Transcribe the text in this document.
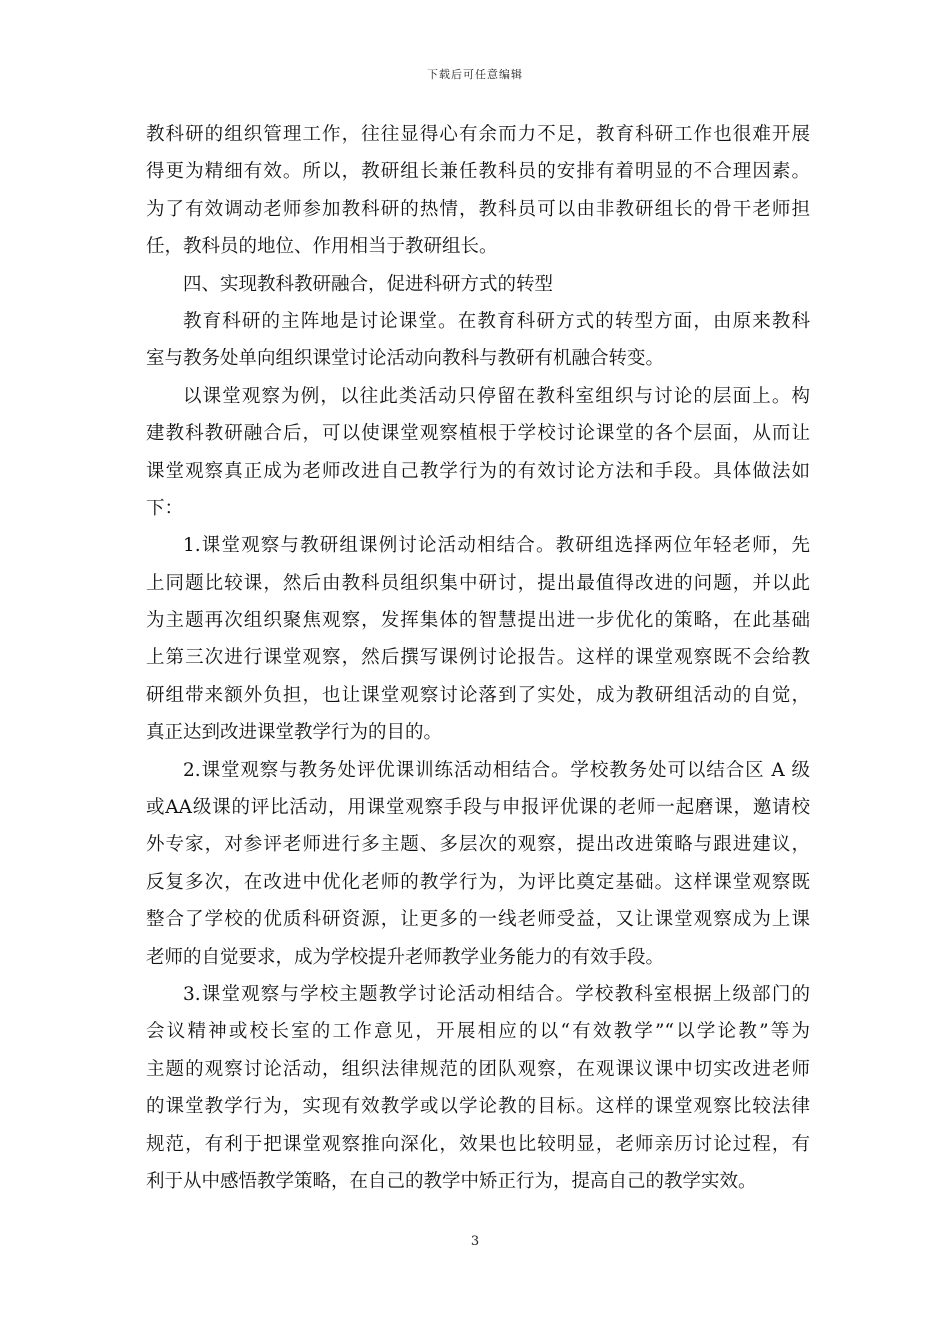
下载后可任意编辑
教科研的组织管理工作，往往显得心有余而力不足，教育科研工作也很难开展
得更为精细有效。所以，教研组长兼任教科员的安排有着明显的不合理因素。
为了有效调动老师参加教科研的热情，教科员可以由非教研组长的骨干老师担
任，教科员的地位、作用相当于教研组长。
四、实现教科教研融合，促进科研方式的转型
教育科研的主阵地是讨论课堂。在教育科研方式的转型方面，由原来教科
室与教务处单向组织课堂讨论活动向教科与教研有机融合转变。
以课堂观察为例，以往此类活动只停留在教科室组织与讨论的层面上。构
建教科教研融合后，可以使课堂观察植根于学校讨论课堂的各个层面，从而让
课堂观察真正成为老师改进自己教学行为的有效讨论方法和手段。具体做法如
下：
1.课堂观察与教研组课例讨论活动相结合。教研组选择两位年轻老师，先
上同题比较课，然后由教科员组织集中研讨，提出最值得改进的问题，并以此
为主题再次组织聚焦观察，发挥集体的智慧提出进一步优化的策略，在此基础
上第三次进行课堂观察，然后撰写课例讨论报告。这样的课堂观察既不会给教
研组带来额外负担，也让课堂观察讨论落到了实处，成为教研组活动的自觉，
真正达到改进课堂教学行为的目的。
2.课堂观察与教务处评优课训练活动相结合。学校教务处可以结合区 A 级
或AA级课的评比活动，用课堂观察手段与申报评优课的老师一起磨课，邀请校
外专家，对参评老师进行多主题、多层次的观察，提出改进策略与跟进建议，
反复多次，在改进中优化老师的教学行为，为评比奠定基础。这样课堂观察既
整合了学校的优质科研资源，让更多的一线老师受益，又让课堂观察成为上课
老师的自觉要求，成为学校提升老师教学业务能力的有效手段。
3.课堂观察与学校主题教学讨论活动相结合。学校教科室根据上级部门的
会议精神或校长室的工作意见，开展相应的以“有效教学”“以学论教”等为
主题的观察讨论活动，组织法律规范的团队观察，在观课议课中切实改进老师
的课堂教学行为，实现有效教学或以学论教的目标。这样的课堂观察比较法律
规范，有利于把课堂观察推向深化，效果也比较明显，老师亲历讨论过程，有
利于从中感悟教学策略，在自己的教学中矫正行为，提高自己的教学实效。
3
